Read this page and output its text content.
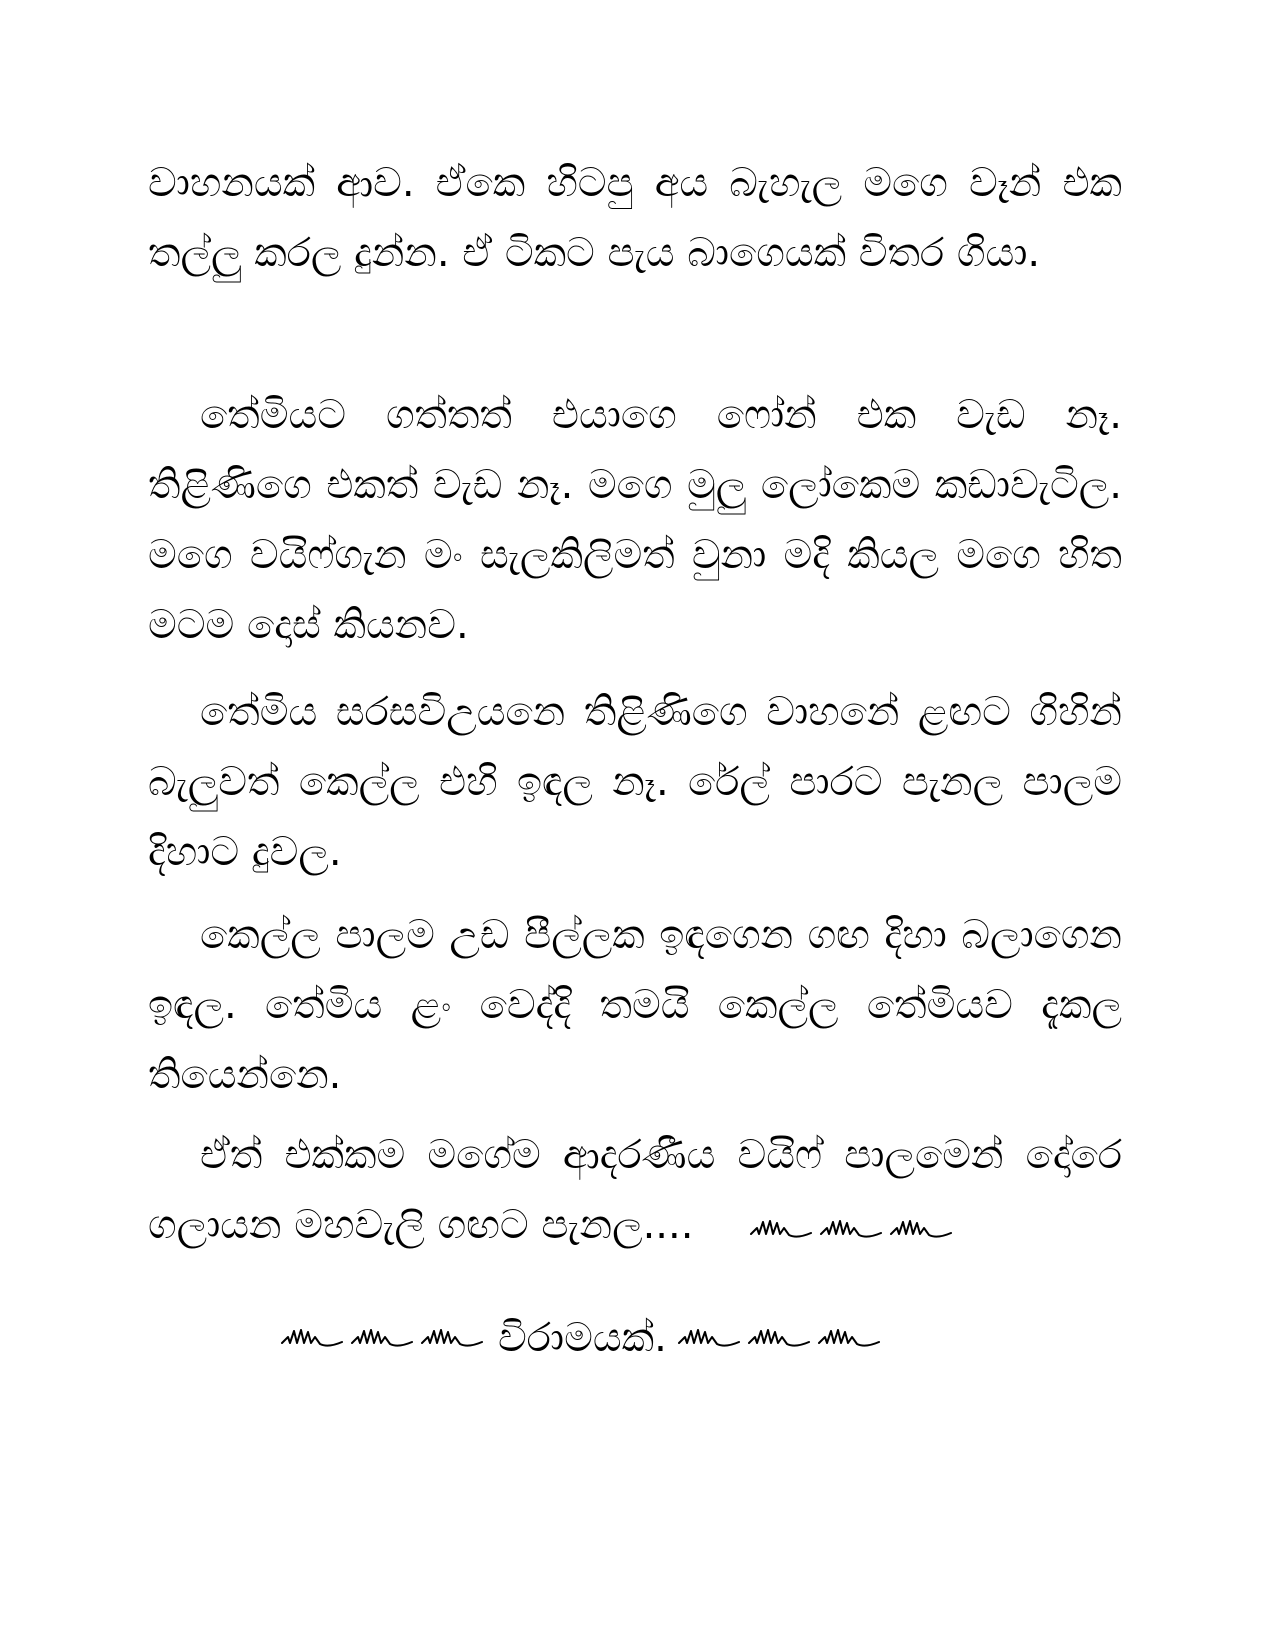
වාහනයක් ආව. ඒකෙ හිටපු අය බැහැල මගෙ වෑන් එක තල්ලු කරල දුන්න. ඒ ටිකට පැය බාගෙයක් විතර ගියා.
තේමියට ගත්තත් එයාගෙ ෆෝන් එක වැඩ නෑ. තිළිණිගෙ එකත් වැඩ නෑ. මගෙ මුලු ලෝකෙම කඩාවැටිල. මගෙ වයිෆ්ගැන මං සැලකිලිමත් වුනා මදි කියල මගෙ හිත මටම දොස් කියනව.
තේමිය සරසවිඋයනෙ තිළිණිගෙ වාහනේ ළඟට ගිහින් බැලුවත් කෙල්ල එහි ඉඳල නෑ. රේල් පාරට පැනල පාලම දිහාට දුවල.
කෙල්ල පාලම උඩ පීල්ලක ඉඳගෙන ගඟ දිහා බලාගෙන ඉඳල. තේමිය ළං වෙද්දි තමයි කෙල්ල තේමියව දැකල තියෙන්නෙ.
ඒත් එක්කම මගේම ආදරණීය වයිෆ් පාලමෙන් දෝරෙ ගලායන මහවැලි ගඟට පැනල....
විරාමයක්.
